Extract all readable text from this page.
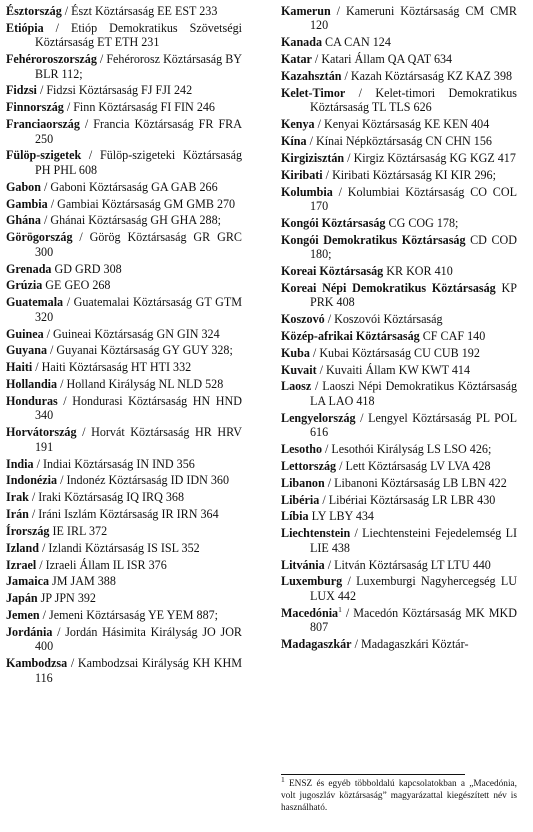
Észtország / Észt Köztársaság EE EST 233
Etiópia / Etióp Demokratikus Szövetségi Köztársaság ET ETH 231
Fehéroroszország / Fehérorosz Köztársaság BY BLR 112;
Fidzsi / Fidzsi Köztársaság FJ FJI 242
Finnország / Finn Köztársaság FI FIN 246
Franciaország / Francia Köztársaság FR FRA 250
Fülöp-szigetek / Fülöp-szigeteki Köztársaság PH PHL 608
Gabon / Gaboni Köztársaság GA GAB 266
Gambia / Gambiai Köztársaság GM GMB 270
Ghána / Ghánai Köztársaság GH GHA 288;
Görögország / Görög Köztársaság GR GRC 300
Grenada GD GRD 308
Grúzia GE GEO 268
Guatemala / Guatemalai Köztársaság GT GTM 320
Guinea / Guineai Köztársaság GN GIN 324
Guyana / Guyanai Köztársaság GY GUY 328;
Haiti / Haiti Köztársaság HT HTI 332
Hollandia / Holland Királyság NL NLD 528
Honduras / Hondurasi Köztársaság HN HND 340
Horvátország / Horvát Köztársaság HR HRV 191
India / Indiai Köztársaság IN IND 356
Indonézia / Indonéz Köztársaság ID IDN 360
Irak / Iraki Köztársaság IQ IRQ 368
Irán / Iráni Iszlám Köztársaság IR IRN 364
Írország IE IRL 372
Izland / Izlandi Köztársaság IS ISL 352
Izrael / Izraeli Állam IL ISR 376
Jamaica JM JAM 388
Japán JP JPN 392
Jemen / Jemeni Köztársaság YE YEM 887;
Jordánia / Jordán Hásimita Királyság JO JOR 400
Kambodzsa / Kambodzsai Királyság KH KHM 116
Kamerun / Kameruni Köztársaság CM CMR 120
Kanada CA CAN 124
Katar / Katari Állam QA QAT 634
Kazahsztán / Kazah Köztársaság KZ KAZ 398
Kelet-Timor / Kelet-timori Demokratikus Köztársaság TL TLS 626
Kenya / Kenyai Köztársaság KE KEN 404
Kína / Kínai Népköztársaság CN CHN 156
Kirgizisztán / Kirgiz Köztársaság KG KGZ 417
Kiribati / Kiribati Köztársaság KI KIR 296;
Kolumbia / Kolumbiai Köztársaság CO COL 170
Kongói Köztársaság CG COG 178;
Kongói Demokratikus Köztársaság CD COD 180;
Koreai Köztársaság KR KOR 410
Koreai Népi Demokratikus Köztársaság KP PRK 408
Koszovó / Koszovói Köztársaság
Közép-afrikai Köztársaság CF CAF 140
Kuba / Kubai Köztársaság CU CUB 192
Kuvait / Kuvaiti Állam KW KWT 414
Laosz / Laoszi Népi Demokratikus Köztársaság LA LAO 418
Lengyelország / Lengyel Köztársaság PL POL 616
Lesotho / Lesothói Királyság LS LSO 426;
Lettország / Lett Köztársaság LV LVA 428
Libanon / Libanoni Köztársaság LB LBN 422
Libéria / Libériai Köztársaság LR LBR 430
Líbia LY LBY 434
Liechtenstein / Liechtensteini Fejedelemség LI LIE 438
Litvánia / Litván Köztársaság LT LTU 440
Luxemburg / Luxemburgi Nagyhercegség LU LUX 442
Macedónia$^1$ / Macedón Köztársaság MK MKD 807
Madagaszkár / Madagaszkári Köztár-
$^1$ ENSZ és egyéb többoldalú kapcsolatokban a „Macedónia, volt jugoszláv köztársaság” magyarázattal kiegészített név is használható.
